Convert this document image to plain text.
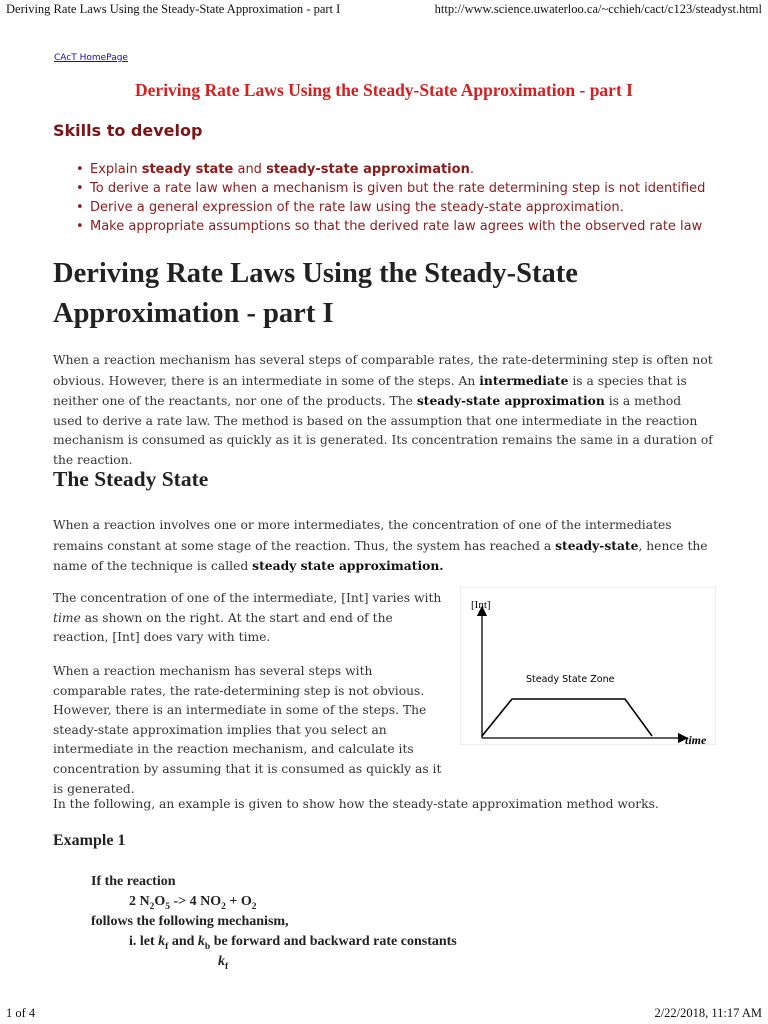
Deriving Rate Laws Using the Steady-State Approximation - part I	http://www.science.uwaterloo.ca/~cchieh/cact/c123/steadyst.html
CAcT HomePage
Deriving Rate Laws Using the Steady-State Approximation - part I
Skills to develop
• Explain steady state and steady-state approximation.
• To derive a rate law when a mechanism is given but the rate determining step is not identified
• Derive a general expression of the rate law using the steady-state approximation.
• Make appropriate assumptions so that the derived rate law agrees with the observed rate law
Deriving Rate Laws Using the Steady-State Approximation - part I

When a reaction mechanism has several steps of comparable rates, the rate-determining step is often not obvious. However, there is an intermediate in some of the steps. An intermediate is a species that is neither one of the reactants, nor one of the products. The steady-state approximation is a method used to derive a rate law. The method is based on the assumption that one intermediate in the reaction mechanism is consumed as quickly as it is generated. Its concentration remains the same in a duration of the reaction.

The Steady State

When a reaction involves one or more intermediates, the concentration of one of the intermediates remains constant at some stage of the reaction. Thus, the system has reached a steady-state, hence the name of the technique is called steady state approximation.

The concentration of one of the intermediate, [Int] varies with time as shown on the right. At the start and end of the reaction, [Int] does vary with time.

When a reaction mechanism has several steps with comparable rates, the rate-determining step is not obvious. However, there is an intermediate in some of the steps. The steady-state approximation implies that you select an intermediate in the reaction mechanism, and calculate its concentration by assuming that it is consumed as quickly as it is generated.

In the following, an example is given to show how the steady-state approximation method works.

[Int]
time
Steady State Zone
Example 1
If the reaction
2 $N_2O_5 -> 4$ $NO_2 + O_2$
follows the following mechanism,
i. let $k_f$ and $k_b$ be forward and backward rate constants
$k_f$
1 of 4	2/22/2018, 11:17 AM
